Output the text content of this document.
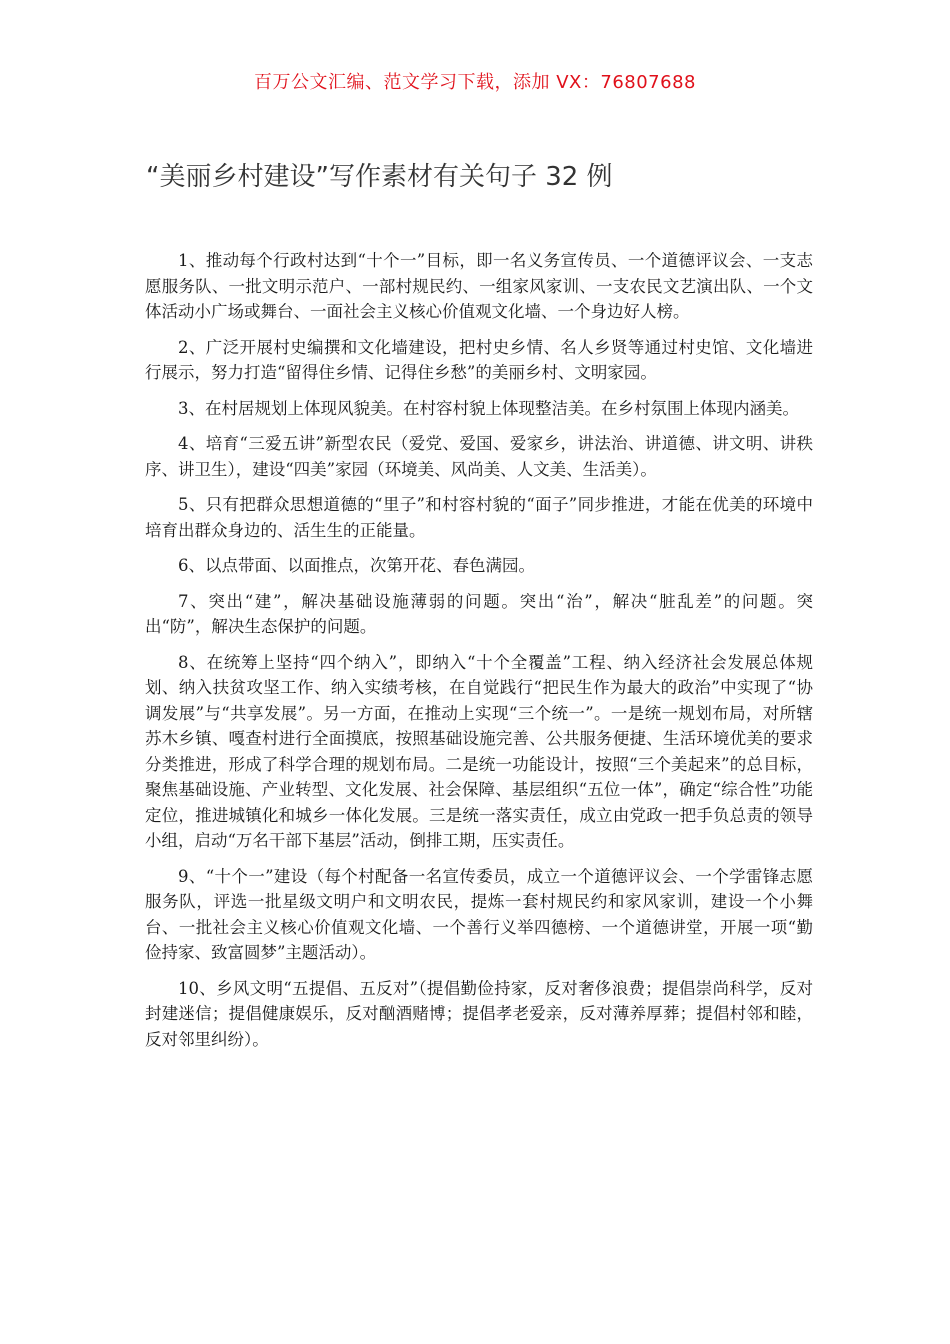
百万公文汇编、范文学习下载，添加 VX：76807688
“美丽乡村建设”写作素材有关句子 32 例

1、推动每个行政村达到“十个一”目标，即一名义务宣传员、一个道德评议会、一支志愿服务队、一批文明示范户、一部村规民约、一组家风家训、一支农民文艺演出队、一个文体活动小广场或舞台、一面社会主义核心价值观文化墙、一个身边好人榜。

2、广泛开展村史编撰和文化墙建设，把村史乡情、名人乡贤等通过村史馆、文化墙进行展示，努力打造“留得住乡情、记得住乡愁”的美丽乡村、文明家园。

3、在村居规划上体现风貌美。在村容村貌上体现整洁美。在乡村氛围上体现内涵美。

4、培育“三爱五讲”新型农民（爱党、爱国、爱家乡，讲法治、讲道德、讲文明、讲秩序、讲卫生），建设“四美”家园（环境美、风尚美、人文美、生活美）。

5、只有把群众思想道德的“里子”和村容村貌的“面子”同步推进，才能在优美的环境中培育出群众身边的、活生生的正能量。

6、以点带面、以面推点，次第开花、春色满园。

7、突出“建”，解决基础设施薄弱的问题。突出“治”，解决“脏乱差”的问题。突出“防”，解决生态保护的问题。

8、在统筹上坚持“四个纳入”，即纳入“十个全覆盖”工程、纳入经济社会发展总体规划、纳入扶贫攻坚工作、纳入实绩考核，在自觉践行“把民生作为最大的政治”中实现了“协调发展”与“共享发展”。另一方面，在推动上实现“三个统一”。一是统一规划布局，对所辖苏木乡镇、嘎查村进行全面摸底，按照基础设施完善、公共服务便捷、生活环境优美的要求分类推进，形成了科学合理的规划布局。二是统一功能设计，按照“三个美起来”的总目标，聚焦基础设施、产业转型、文化发展、社会保障、基层组织“五位一体”，确定“综合性”功能定位，推进城镇化和城乡一体化发展。三是统一落实责任，成立由党政一把手负总责的领导小组，启动“万名干部下基层”活动，倒排工期，压实责任。

9、“十个一”建设（每个村配备一名宣传委员，成立一个道德评议会、一个学雷锋志愿服务队，评选一批星级文明户和文明农民，提炼一套村规民约和家风家训，建设一个小舞台、一批社会主义核心价值观文化墙、一个善行义举四德榜、一个道德讲堂，开展一项“勤俭持家、致富圆梦”主题活动）。

10、乡风文明“五提倡、五反对”（提倡勤俭持家，反对奢侈浪费；提倡崇尚科学，反对封建迷信；提倡健康娱乐，反对酗酒赌博；提倡孝老爱亲，反对薄养厚葬；提倡村邻和睦，反对邻里纠纷）。
